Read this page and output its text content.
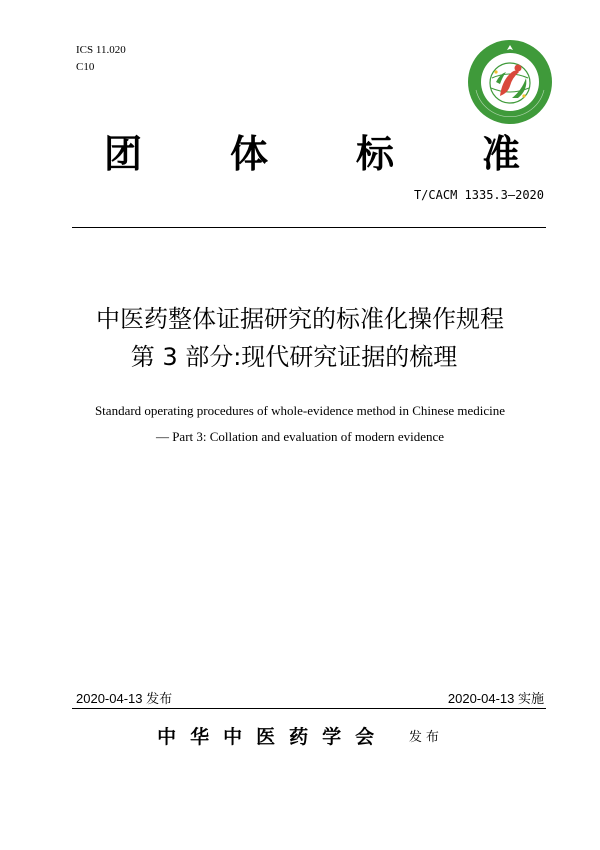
ICS 11.020
C10
团 体 标 准
T/CACM 1335.3—2020
中医药整体证据研究的标准化操作规程
第 3 部分:现代研究证据的梳理
Standard operating procedures of whole-evidence method in Chinese medicine
— Part 3: Collation and evaluation of modern evidence
2020-04-13 发布	2020-04-13 实施
中华中医药学会 发布
